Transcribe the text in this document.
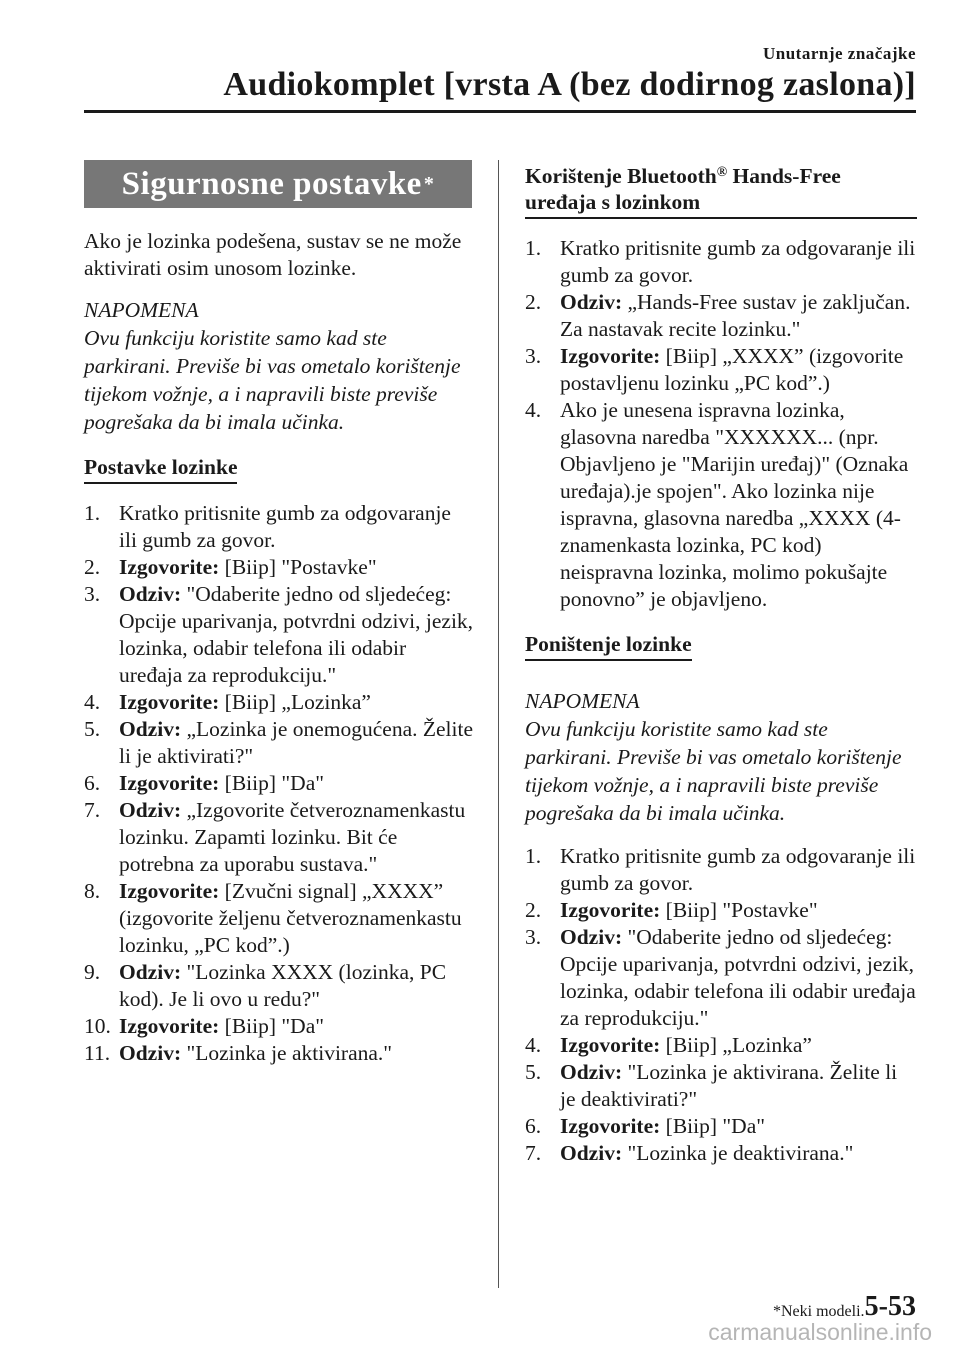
Unutarnje značajke
Audiokomplet [vrsta A (bez dodirnog zaslona)]
Sigurnosne postavke *

Ako je lozinka podešena, sustav se ne može aktivirati osim unosom lozinke.

NAPOMENA

Ovu funkciju koristite samo kad ste parkirani. Previše bi vas ometalo korištenje tijekom vožnje, a i napravili biste previše pogrešaka da bi imala učinka.

Postavke lozinke
1. Kratko pritisnite gumb za odgovaranje ili gumb za govor.
2. Izgovorite: [Biip] "Postavke"
3. Odziv: "Odaberite jedno od sljedećeg: Opcije uparivanja, potvrdni odzivi, jezik, lozinka, odabir telefona ili odabir uređaja za reprodukciju."
4. Izgovorite: [Biip] „Lozinka”
5. Odziv: „Lozinka je onemogućena. Želite li je aktivirati?"
6. Izgovorite: [Biip] "Da"
7. Odziv: „Izgovorite četveroznamenkastu lozinku. Zapamti lozinku. Bit će potrebna za uporabu sustava."
8. Izgovorite: [Zvučni signal] „XXXX” (izgovorite željenu četveroznamenkastu lozinku, „PC kod”.)
9. Odziv: "Lozinka XXXX (lozinka, PC kod). Je li ovo u redu?"
10. Izgovorite: [Biip] "Da"
11. Odziv: "Lozinka je aktivirana."
Korištenje Bluetooth® Hands-Free uređaja s lozinkom
1. Kratko pritisnite gumb za odgovaranje ili gumb za govor.
2. Odziv: „Hands-Free sustav je zaključan. Za nastavak recite lozinku."
3. Izgovorite: [Biip] „XXXX” (izgovorite postavljenu lozinku „PC kod”.)
4. Ako je unesena ispravna lozinka, glasovna naredba "XXXXXX... (npr. Objavljeno je "Marijin uređaj)" (Oznaka uređaja).je spojen". Ako lozinka nije ispravna, glasovna naredba „XXXX (4-znamenkasta lozinka, PC kod) neispravna lozinka, molimo pokušajte ponovno” je objavljeno.
Poništenje lozinke

NAPOMENA

Ovu funkciju koristite samo kad ste parkirani. Previše bi vas ometalo korištenje tijekom vožnje, a i napravili biste previše pogrešaka da bi imala učinka.

1. Kratko pritisnite gumb za odgovaranje ili gumb za govor.
2. Izgovorite: [Biip] "Postavke"
3. Odziv: "Odaberite jedno od sljedećeg: Opcije uparivanja, potvrdni odzivi, jezik, lozinka, odabir telefona ili odabir uređaja za reprodukciju."
4. Izgovorite: [Biip] „Lozinka”
5. Odziv: "Lozinka je aktivirana. Želite li je deaktivirati?"
6. Izgovorite: [Biip] "Da"
7. Odziv: "Lozinka je deaktivirana."
*Neki modeli. 5-53
carmanualsonline.info
